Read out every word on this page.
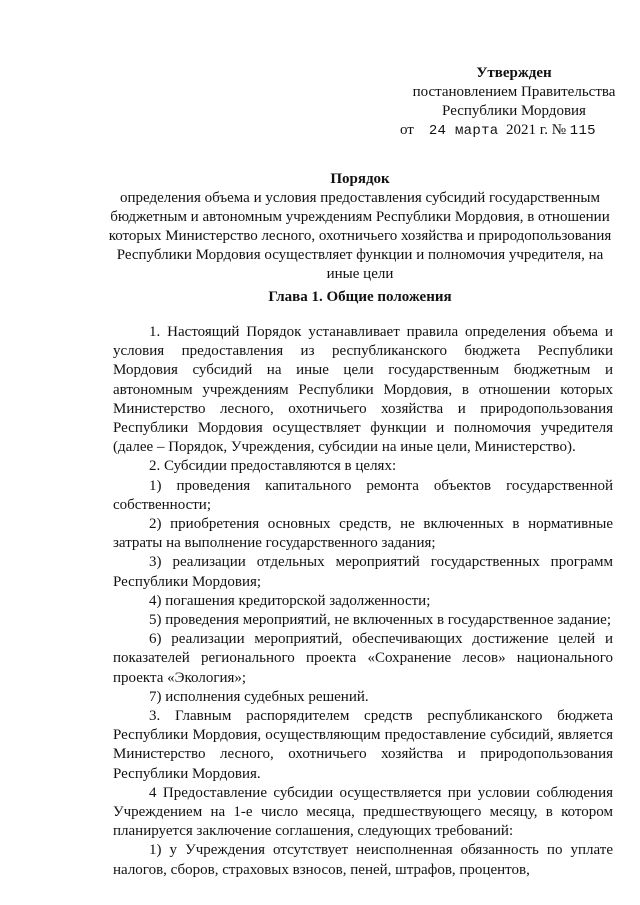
Утвержден
постановлением Правительства
Республики Мордовия
от 24 марта 2021 г. № 115
Порядок
определения объема и условия предоставления субсидий государственным бюджетным и автономным учреждениям Республики Мордовия, в отношении которых Министерство лесного, охотничьего хозяйства и природопользования Республики Мордовия осуществляет функции и полномочия учредителя, на иные цели
Глава 1. Общие положения

1. Настоящий Порядок устанавливает правила определения объема и условия предоставления из республиканского бюджета Республики Мордовия субсидий на иные цели государственным бюджетным и автономным учреждениям Республики Мордовия, в отношении которых Министерство лесного, охотничьего хозяйства и природопользования Республики Мордовия осуществляет функции и полномочия учредителя (далее – Порядок, Учреждения, субсидии на иные цели, Министерство).

2. Субсидии предоставляются в целях:

1) проведения капитального ремонта объектов государственной собственности;

2) приобретения основных средств, не включенных в нормативные затраты на выполнение государственного задания;

3) реализации отдельных мероприятий государственных программ Республики Мордовия;

4) погашения кредиторской задолженности;

5) проведения мероприятий, не включенных в государственное задание;

6) реализации мероприятий, обеспечивающих достижение целей и показателей регионального проекта «Сохранение лесов» национального проекта «Экология»;

7) исполнения судебных решений.

3. Главным распорядителем средств республиканского бюджета Республики Мордовия, осуществляющим предоставление субсидий, является Министерство лесного, охотничьего хозяйства и природопользования Республики Мордовия.

4 Предоставление субсидии осуществляется при условии соблюдения Учреждением на 1-е число месяца, предшествующего месяцу, в котором планируется заключение соглашения, следующих требований:

1) у Учреждения отсутствует неисполненная обязанность по уплате налогов, сборов, страховых взносов, пеней, штрафов, процентов,
